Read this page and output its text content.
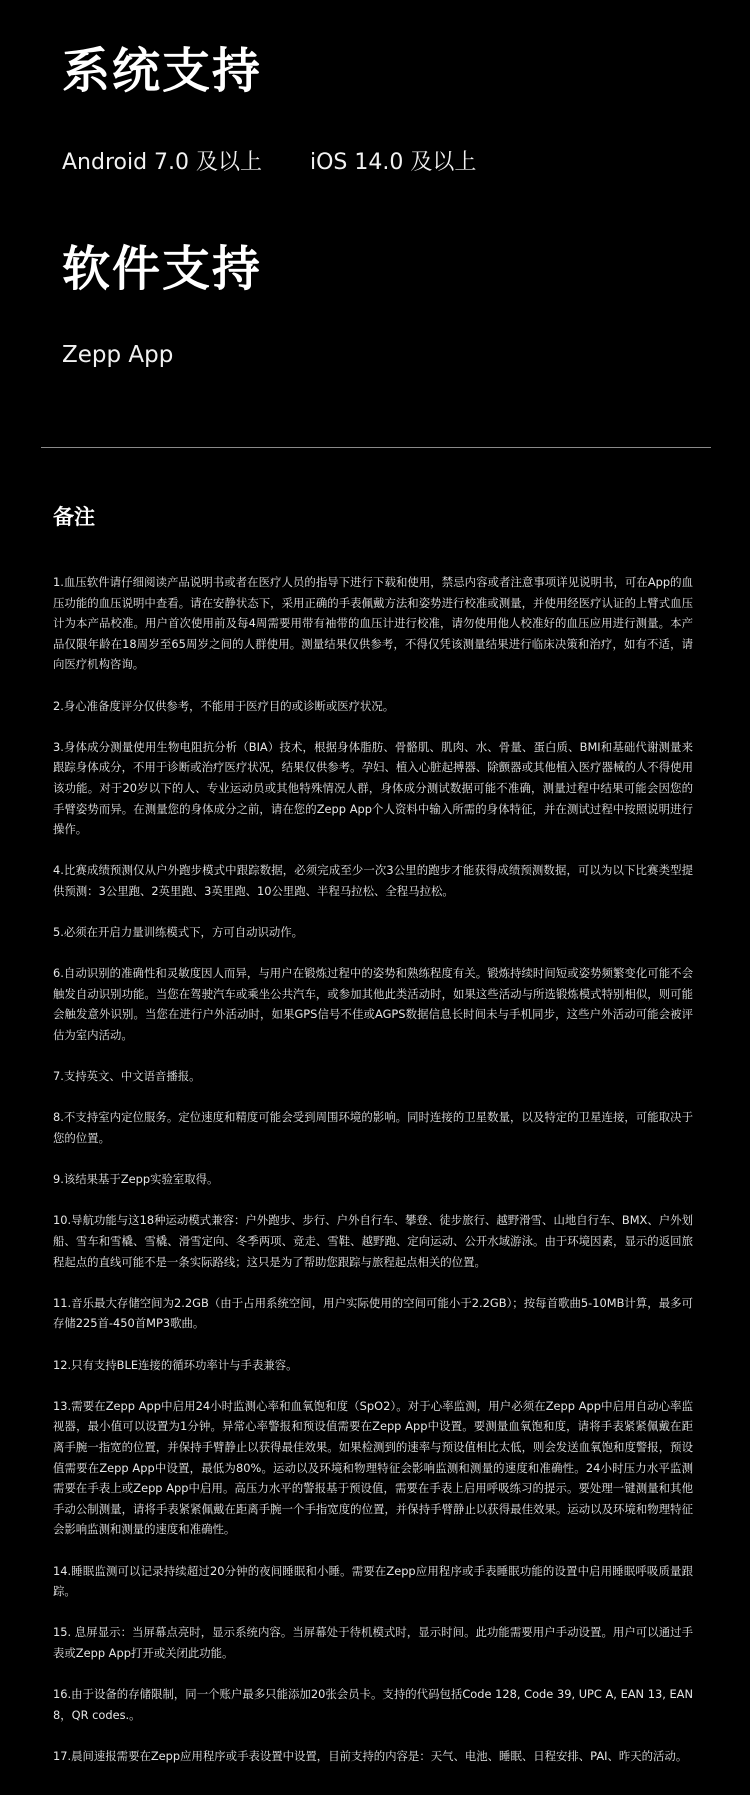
系统支持
Android 7.0 及以上	iOS 14.0 及以上
软件支持
Zepp App
备注

1.血压软件请仔细阅读产品说明书或者在医疗人员的指导下进行下载和使用，禁忌内容或者注意事项详见说明书，可在App的血压功能的血压说明中查看。请在安静状态下，采用正确的手表佩戴方法和姿势进行校准或测量，并使用经医疗认证的上臂式血压计为本产品校准。用户首次使用前及每4周需要用带有袖带的血压计进行校准，请勿使用他人校准好的血压应用进行测量。本产品仅限年龄在18周岁至65周岁之间的人群使用。测量结果仅供参考，不得仅凭该测量结果进行临床决策和治疗，如有不适，请向医疗机构咨询。

2.身心准备度评分仅供参考，不能用于医疗目的或诊断或医疗状况。

3.身体成分测量使用生物电阻抗分析（BIA）技术，根据身体脂肪、骨骼肌、肌肉、水、骨量、蛋白质、BMI和基础代谢测量来跟踪身体成分，不用于诊断或治疗医疗状况，结果仅供参考。孕妇、植入心脏起搏器、除颤器或其他植入医疗器械的人不得使用该功能。对于20岁以下的人、专业运动员或其他特殊情况人群，身体成分测试数据可能不准确，测量过程中结果可能会因您的手臂姿势而异。在测量您的身体成分之前，请在您的Zepp App个人资料中输入所需的身体特征，并在测试过程中按照说明进行操作。

4.比赛成绩预测仅从户外跑步模式中跟踪数据，必须完成至少一次3公里的跑步才能获得成绩预测数据，可以为以下比赛类型提供预测：3公里跑、2英里跑、3英里跑、10公里跑、半程马拉松、全程马拉松。

5.必须在开启力量训练模式下，方可自动识动作。

6.自动识别的准确性和灵敏度因人而异，与用户在锻炼过程中的姿势和熟练程度有关。锻炼持续时间短或姿势频繁变化可能不会触发自动识别功能。当您在驾驶汽车或乘坐公共汽车，或参加其他此类活动时，如果这些活动与所选锻炼模式特别相似，则可能会触发意外识别。当您在进行户外活动时，如果GPS信号不佳或AGPS数据信息长时间未与手机同步，这些户外活动可能会被评估为室内活动。

7.支持英文、中文语音播报。

8.不支持室内定位服务。定位速度和精度可能会受到周围环境的影响。同时连接的卫星数量，以及特定的卫星连接，可能取决于您的位置。

9.该结果基于Zepp实验室取得。

10.导航功能与这18种运动模式兼容：户外跑步、步行、户外自行车、攀登、徒步旅行、越野滑雪、山地自行车、BMX、户外划船、雪车和雪橇、雪橇、滑雪定向、冬季两项、竞走、雪鞋、越野跑、定向运动、公开水域游泳。由于环境因素，显示的返回旅程起点的直线可能不是一条实际路线；这只是为了帮助您跟踪与旅程起点相关的位置。

11.音乐最大存储空间为2.2GB（由于占用系统空间，用户实际使用的空间可能小于2.2GB）；按每首歌曲5-10MB计算，最多可存储225首-450首MP3歌曲。

12.只有支持BLE连接的循环功率计与手表兼容。

13.需要在Zepp App中启用24小时监测心率和血氧饱和度（SpO2）。对于心率监测，用户必须在Zepp App中启用自动心率监视器，最小值可以设置为1分钟。异常心率警报和预设值需要在Zepp App中设置。要测量血氧饱和度，请将手表紧紧佩戴在距离手腕一指宽的位置，并保持手臂静止以获得最佳效果。如果检测到的速率与预设值相比太低，则会发送血氧饱和度警报，预设值需要在Zepp App中设置，最低为80%。运动以及环境和物理特征会影响监测和测量的速度和准确性。24小时压力水平监测需要在手表上或Zepp App中启用。高压力水平的警报基于预设值，需要在手表上启用呼吸练习的提示。要处理一键测量和其他手动公制测量，请将手表紧紧佩戴在距离手腕一个手指宽度的位置，并保持手臂静止以获得最佳效果。运动以及环境和物理特征会影响监测和测量的速度和准确性。

14.睡眠监测可以记录持续超过20分钟的夜间睡眠和小睡。需要在Zepp应用程序或手表睡眠功能的设置中启用睡眠呼吸质量跟踪。

15. 息屏显示：当屏幕点亮时，显示系统内容。当屏幕处于待机模式时，显示时间。此功能需要用户手动设置。用户可以通过手表或Zepp App打开或关闭此功能。

16.由于设备的存储限制，同一个账户最多只能添加20张会员卡。支持的代码包括Code 128, Code 39, UPC A, EAN 13, EAN 8，QR codes.。

17.晨间速报需要在Zepp应用程序或手表设置中设置，目前支持的内容是：天气、电池、睡眠、日程安排、PAI、昨天的活动。
